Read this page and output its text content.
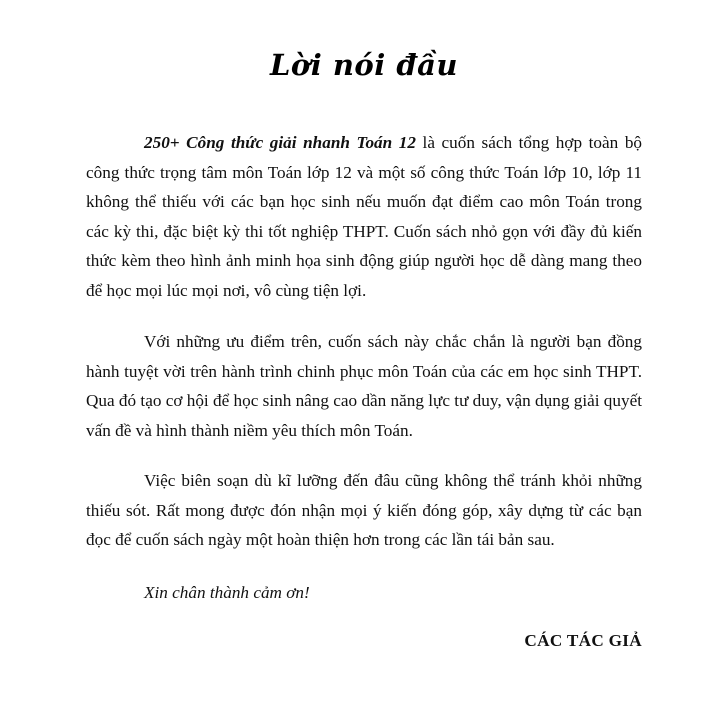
Lời nói đầu

250+ Công thức giải nhanh Toán 12 là cuốn sách tổng hợp toàn bộ công thức trọng tâm môn Toán lớp 12 và một số công thức Toán lớp 10, lớp 11 không thể thiếu với các bạn học sinh nếu muốn đạt điểm cao môn Toán trong các kỳ thi, đặc biệt kỳ thi tốt nghiệp THPT. Cuốn sách nhỏ gọn với đầy đủ kiến thức kèm theo hình ảnh minh họa sinh động giúp người học dễ dàng mang theo để học mọi lúc mọi nơi, vô cùng tiện lợi.

Với những ưu điểm trên, cuốn sách này chắc chắn là người bạn đồng hành tuyệt vời trên hành trình chinh phục môn Toán của các em học sinh THPT. Qua đó tạo cơ hội để học sinh nâng cao dần năng lực tư duy, vận dụng giải quyết vấn đề và hình thành niềm yêu thích môn Toán.

Việc biên soạn dù kĩ lưỡng đến đâu cũng không thể tránh khỏi những thiếu sót. Rất mong được đón nhận mọi ý kiến đóng góp, xây dựng từ các bạn đọc để cuốn sách ngày một hoàn thiện hơn trong các lần tái bản sau.

Xin chân thành cảm ơn!

CÁC TÁC GIẢ
